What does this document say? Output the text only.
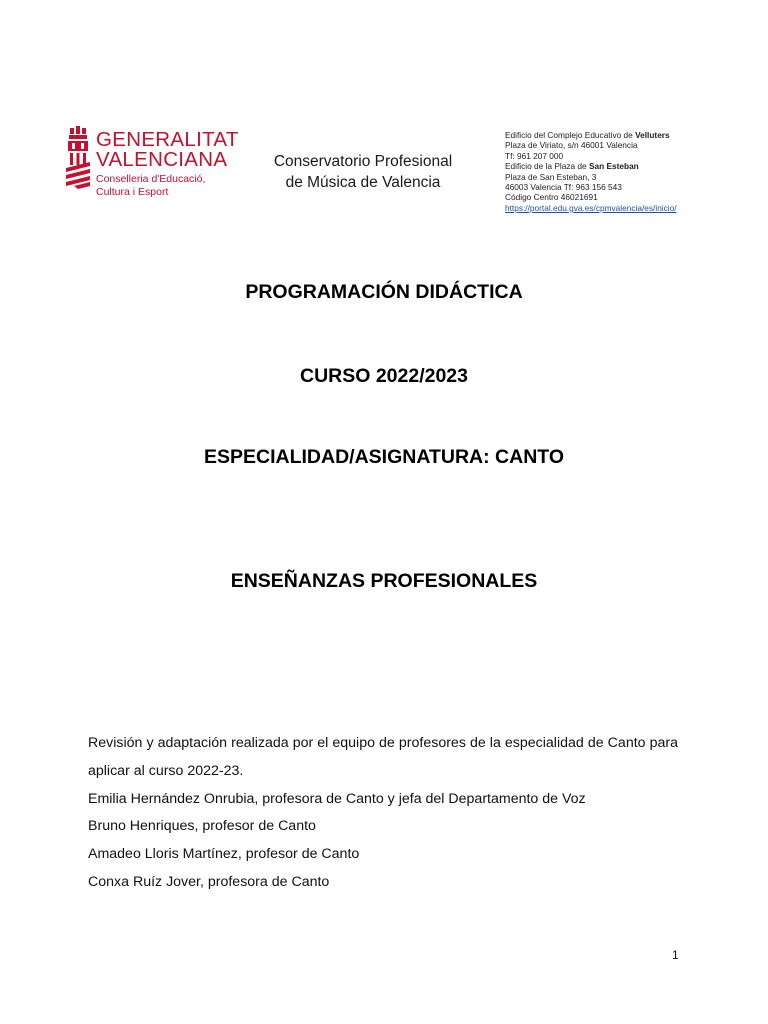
GENERALITAT
VALENCIANA
Conselleria d'Educació,
Cultura i Esport
Conservatorio Profesional
de Música de Valencia
Edificio del Complejo Educativo de Velluters
Plaza de Viriato, s/n 46001 Valencia
Tf: 961 207 000
Edificio de la Plaza de San Esteban
Plaza de San Esteban, 3
46003 Valencia Tf: 963 156 543
Código Centro 46021691
https://portal.edu.gva.es/cpmvalencia/es/inicio/
PROGRAMACIÓN DIDÁCTICA
CURSO 2022/2023
ESPECIALIDAD/ASIGNATURA: CANTO
ENSEÑANZAS PROFESIONALES

Revisión y adaptación realizada por el equipo de profesores de la especialidad de Canto para aplicar al curso 2022-23.

Emilia Hernández Onrubia, profesora de Canto y jefa del Departamento de Voz

Bruno Henriques, profesor de Canto

Amadeo Lloris Martínez, profesor de Canto

Conxa Ruíz Jover, profesora de Canto

1
